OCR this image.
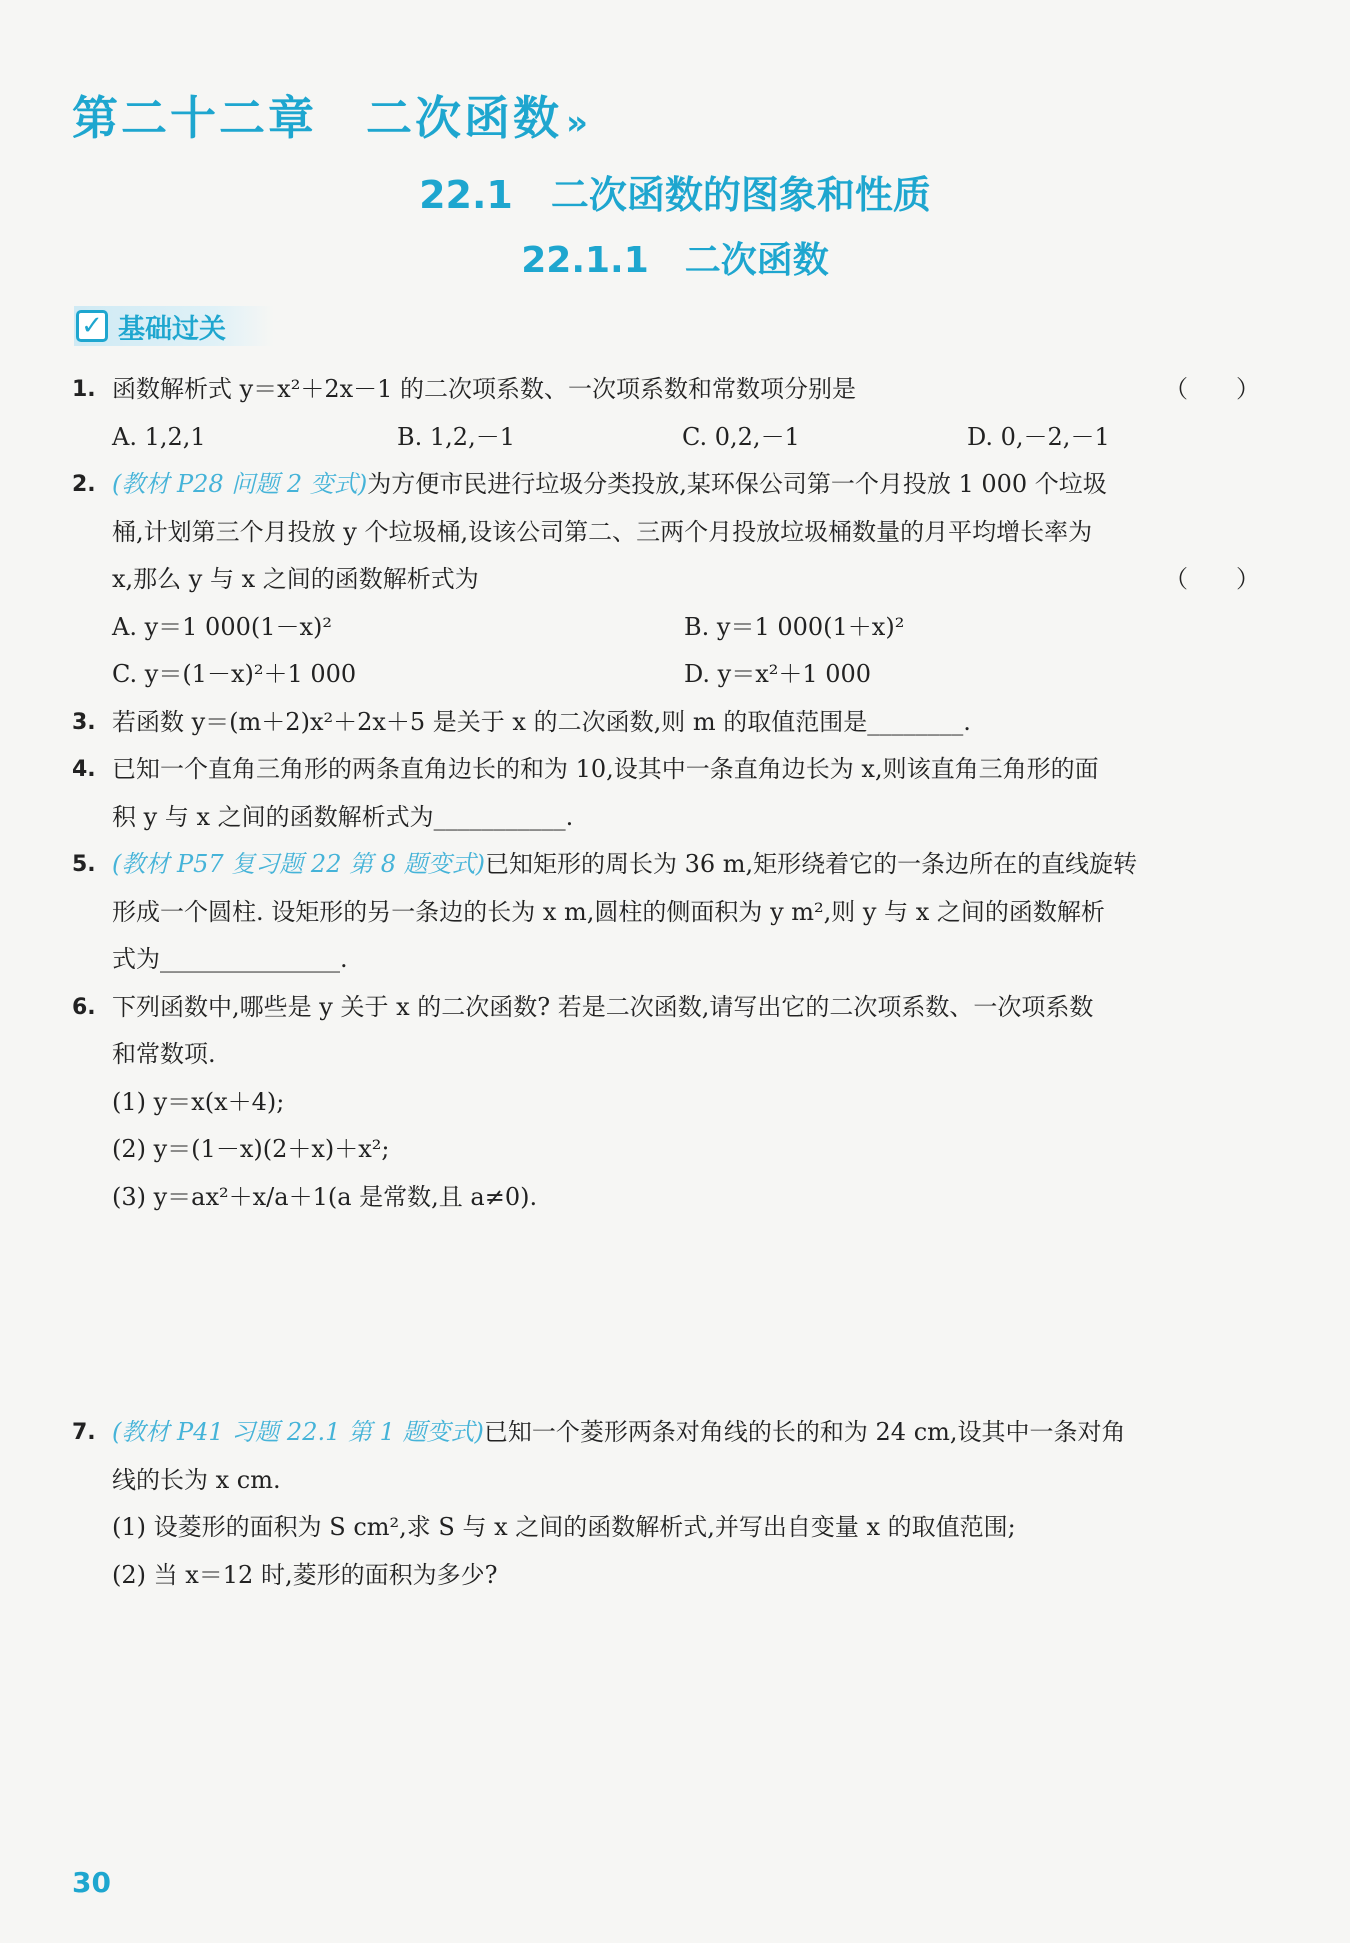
第二十二章　二次函数 ››
22.1　二次函数的图象和性质
22.1.1　二次函数
✓ 基础过关
1. 函数解析式 y＝x²＋2x－1 的二次项系数、一次项系数和常数项分别是	（　　）
A. 1,2,1	B. 1,2,－1	C. 0,2,－1	D. 0,－2,－1
2. (教材 P28 问题 2 变式)为方便市民进行垃圾分类投放,某环保公司第一个月投放 1 000 个垃圾
桶,计划第三个月投放 y 个垃圾桶,设该公司第二、三两个月投放垃圾桶数量的月平均增长率为
x,那么 y 与 x 之间的函数解析式为	（　　）
A. y＝1 000(1－x)²	B. y＝1 000(1＋x)²
C. y＝(1－x)²＋1 000	D. y＝x²＋1 000
3. 若函数 y＝(m＋2)x²＋2x＋5 是关于 x 的二次函数,则 m 的取值范围是________.
4. 已知一个直角三角形的两条直角边长的和为 10,设其中一条直角边长为 x,则该直角三角形的面
积 y 与 x 之间的函数解析式为___________.
5. (教材 P57 复习题 22 第 8 题变式)已知矩形的周长为 36 m,矩形绕着它的一条边所在的直线旋转
形成一个圆柱. 设矩形的另一条边的长为 x m,圆柱的侧面积为 y m²,则 y 与 x 之间的函数解析
式为_______________.
6. 下列函数中,哪些是 y 关于 x 的二次函数? 若是二次函数,请写出它的二次项系数、一次项系数
和常数项.
(1) y＝x(x＋4);
(2) y＝(1－x)(2＋x)＋x²;
(3) y＝ax²＋x/a＋1(a 是常数,且 a≠0).
7. (教材 P41 习题 22.1 第 1 题变式)已知一个菱形两条对角线的长的和为 24 cm,设其中一条对角
线的长为 x cm.
(1) 设菱形的面积为 S cm²,求 S 与 x 之间的函数解析式,并写出自变量 x 的取值范围;
(2) 当 x＝12 时,菱形的面积为多少?
30
